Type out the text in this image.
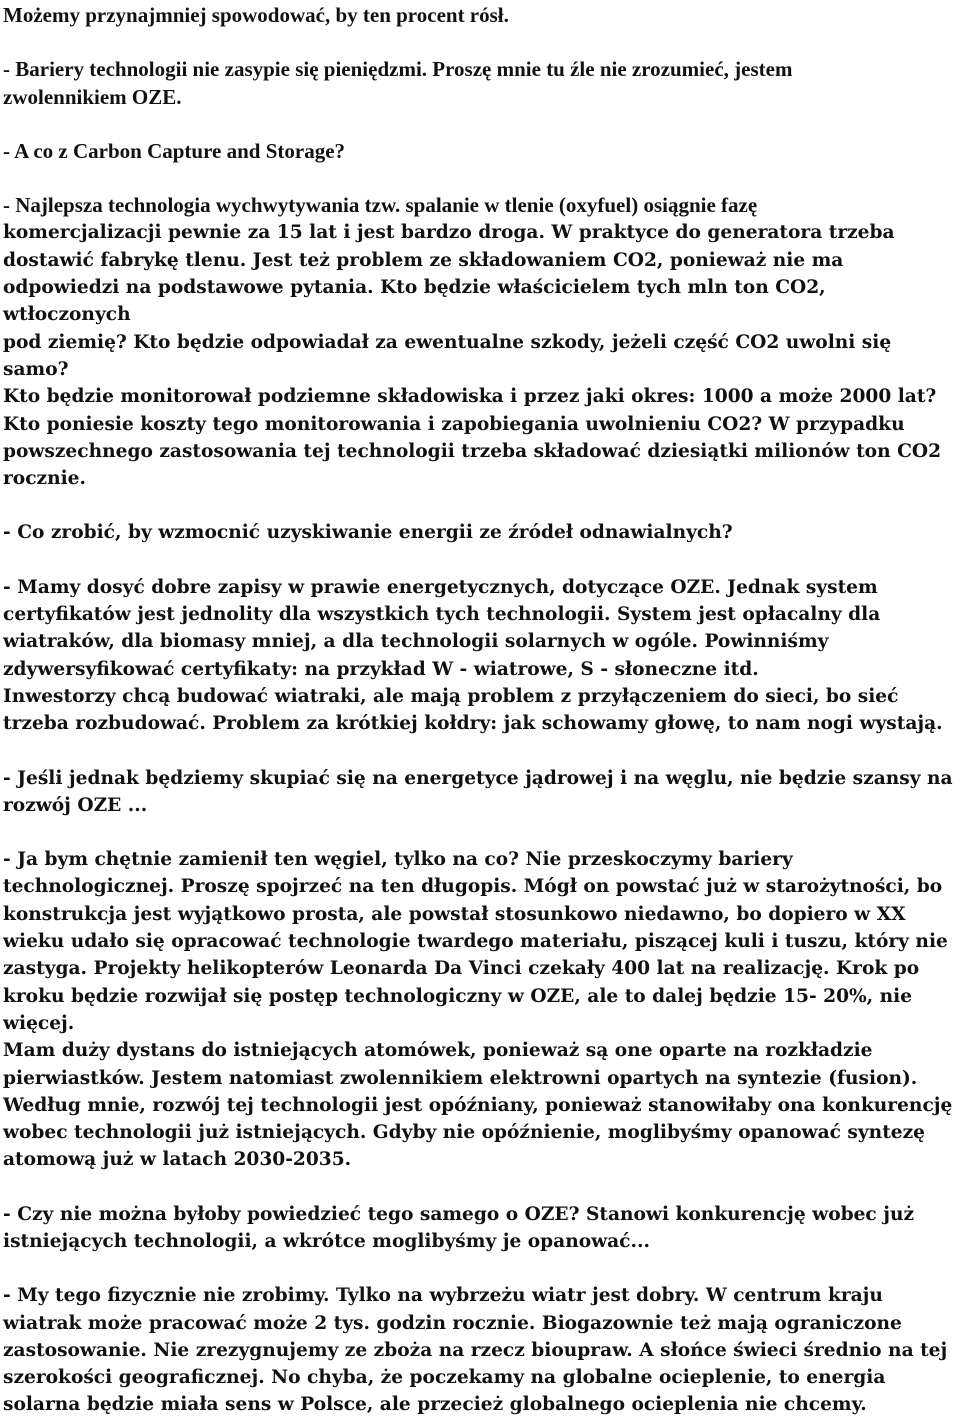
Możemy przynajmniej spowodować, by ten procent rósł.
- Bariery technologii nie zasypie się pieniędzmi. Proszę mnie tu źle nie zrozumieć, jestem
zwolennikiem OZE.
- A co z Carbon Capture and Storage?
- Najlepsza technologia wychwytywania tzw. spalanie w tlenie (oxyfuel) osiągnie fazę
komercjalizacji pewnie za 15 lat i jest bardzo droga. W praktyce do generatora trzeba
dostawić fabrykę tlenu. Jest też problem ze składowaniem CO2, ponieważ nie ma
odpowiedzi na podstawowe pytania. Kto będzie właścicielem tych mln ton CO2, wtłoczonych
pod ziemię? Kto będzie odpowiadał za ewentualne szkody, jeżeli część CO2 uwolni się samo?
Kto będzie monitorował podziemne składowiska i przez jaki okres: 1000 a może 2000 lat?
Kto poniesie koszty tego monitorowania i zapobiegania uwolnieniu CO2? W przypadku
powszechnego zastosowania tej technologii trzeba składować dziesiątki milionów ton CO2
rocznie.
- Co zrobić, by wzmocnić uzyskiwanie energii ze źródeł odnawialnych?
- Mamy dosyć dobre zapisy w prawie energetycznych, dotyczące OZE. Jednak system
certyfikatów jest jednolity dla wszystkich tych technologii. System jest opłacalny dla
wiatraków, dla biomasy mniej, a dla technologii solarnych w ogóle. Powinniśmy
zdywersyfikować certyfikaty: na przykład W - wiatrowe, S - słoneczne itd.
Inwestorzy chcą budować wiatraki, ale mają problem z przyłączeniem do sieci, bo sieć
trzeba rozbudować. Problem za krótkiej kołdry: jak schowamy głowę, to nam nogi wystają.
- Jeśli jednak będziemy skupiać się na energetyce jądrowej i na węglu, nie będzie szansy na
rozwój OZE ...
- Ja bym chętnie zamienił ten węgiel, tylko na co? Nie przeskoczymy bariery
technologicznej. Proszę spojrzeć na ten długopis. Mógł on powstać już w starożytności, bo
konstrukcja jest wyjątkowo prosta, ale powstał stosunkowo niedawno, bo dopiero w XX
wieku udało się opracować technologie twardego materiału, piszącej kuli i tuszu, który nie
zastyga. Projekty helikopterów Leonarda Da Vinci czekały 400 lat na realizację. Krok po
kroku będzie rozwijał się postęp technologiczny w OZE, ale to dalej będzie 15- 20%, nie
więcej.
Mam duży dystans do istniejących atomówek, ponieważ są one oparte na rozkładzie
pierwiastków. Jestem natomiast zwolennikiem elektrowni opartych na syntezie (fusion).
Według mnie, rozwój tej technologii jest opóźniany, ponieważ stanowiłaby ona konkurencję
wobec technologii już istniejących. Gdyby nie opóźnienie, moglibyśmy opanować syntezę
atomową już w latach 2030-2035.
- Czy nie można byłoby powiedzieć tego samego o OZE? Stanowi konkurencję wobec już
istniejących technologii, a wkrótce moglibyśmy je opanować...
- My tego fizycznie nie zrobimy. Tylko na wybrzeżu wiatr jest dobry. W centrum kraju
wiatrak może pracować może 2 tys. godzin rocznie. Biogazownie też mają ograniczone
zastosowanie. Nie zrezygnujemy ze zboża na rzecz bioupraw. A słońce świeci średnio na tej
szerokości geograficznej. No chyba, że poczekamy na globalne ocieplenie, to energia
solarna będzie miała sens w Polsce, ale przecież globalnego ocieplenia nie chcemy.
